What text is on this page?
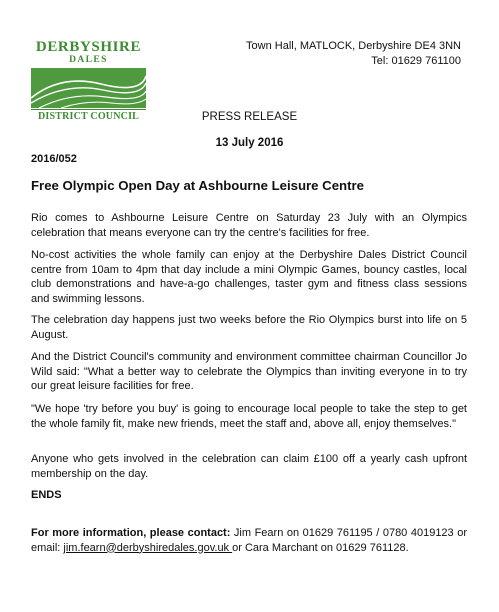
DERBYSHIRE
DALES
DISTRICT COUNCIL
Town Hall, MATLOCK, Derbyshire DE4 3NN
Tel: 01629 761100
PRESS RELEASE
13 July 2016
2016/052
Free Olympic Open Day at Ashbourne Leisure Centre

Rio comes to Ashbourne Leisure Centre on Saturday 23 July with an Olympics celebration that means everyone can try the centre's facilities for free.

No-cost activities the whole family can enjoy at the Derbyshire Dales District Council centre from 10am to 4pm that day include a mini Olympic Games, bouncy castles, local club demonstrations and have-a-go challenges, taster gym and fitness class sessions and swimming lessons.

The celebration day happens just two weeks before the Rio Olympics burst into life on 5 August.

And the District Council's community and environment committee chairman Councillor Jo Wild said: "What a better way to celebrate the Olympics than inviting everyone in to try our great leisure facilities for free.

"We hope 'try before you buy' is going to encourage local people to take the step to get the whole family fit, make new friends, meet the staff and, above all, enjoy themselves."

Anyone who gets involved in the celebration can claim £100 off a yearly cash upfront membership on the day.

ENDS

For more information, please contact: Jim Fearn on 01629 761195 / 0780 4019123 or email: jim.fearn@derbyshiredales.gov.uk or Cara Marchant on 01629 761128.
